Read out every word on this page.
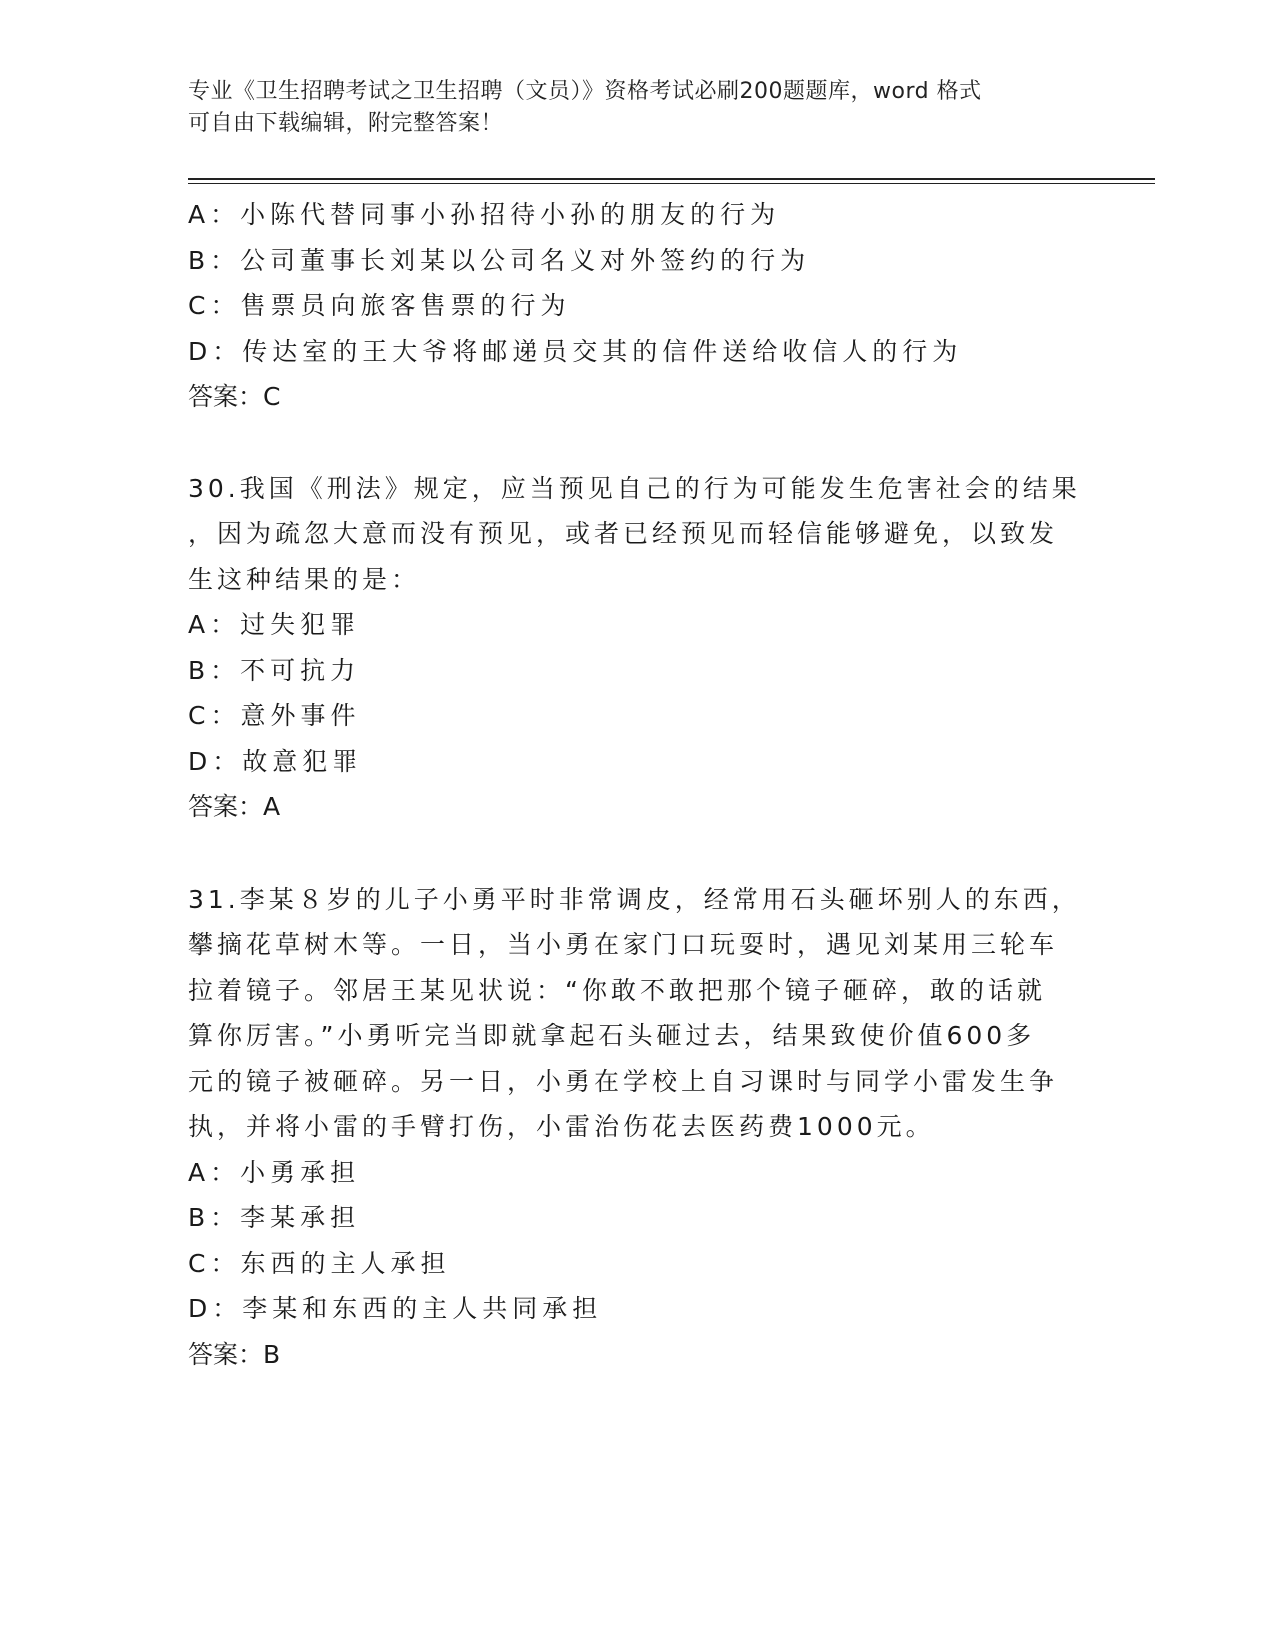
专业《卫生招聘考试之卫生招聘（文员）》资格考试必刷200题题库，word 格式
可自由下载编辑，附完整答案！
A：小陈代替同事小孙招待小孙的朋友的行为
B：公司董事长刘某以公司名义对外签约的行为
C：售票员向旅客售票的行为
D：传达室的王大爷将邮递员交其的信件送给收信人的行为
答案：C
30.我国《刑法》规定，应当预见自己的行为可能发生危害社会的结果
，因为疏忽大意而没有预见，或者已经预见而轻信能够避免，以致发
生这种结果的是：
A：过失犯罪
B：不可抗力
C：意外事件
D：故意犯罪
答案：A
31.李某８岁的儿子小勇平时非常调皮，经常用石头砸坏别人的东西，
攀摘花草树木等。一日，当小勇在家门口玩耍时，遇见刘某用三轮车
拉着镜子。邻居王某见状说：“你敢不敢把那个镜子砸碎，敢的话就
算你厉害。”小勇听完当即就拿起石头砸过去，结果致使价值600多
元的镜子被砸碎。另一日，小勇在学校上自习课时与同学小雷发生争
执，并将小雷的手臂打伤，小雷治伤花去医药费1000元。
A：小勇承担
B：李某承担
C：东西的主人承担
D：李某和东西的主人共同承担
答案：B
